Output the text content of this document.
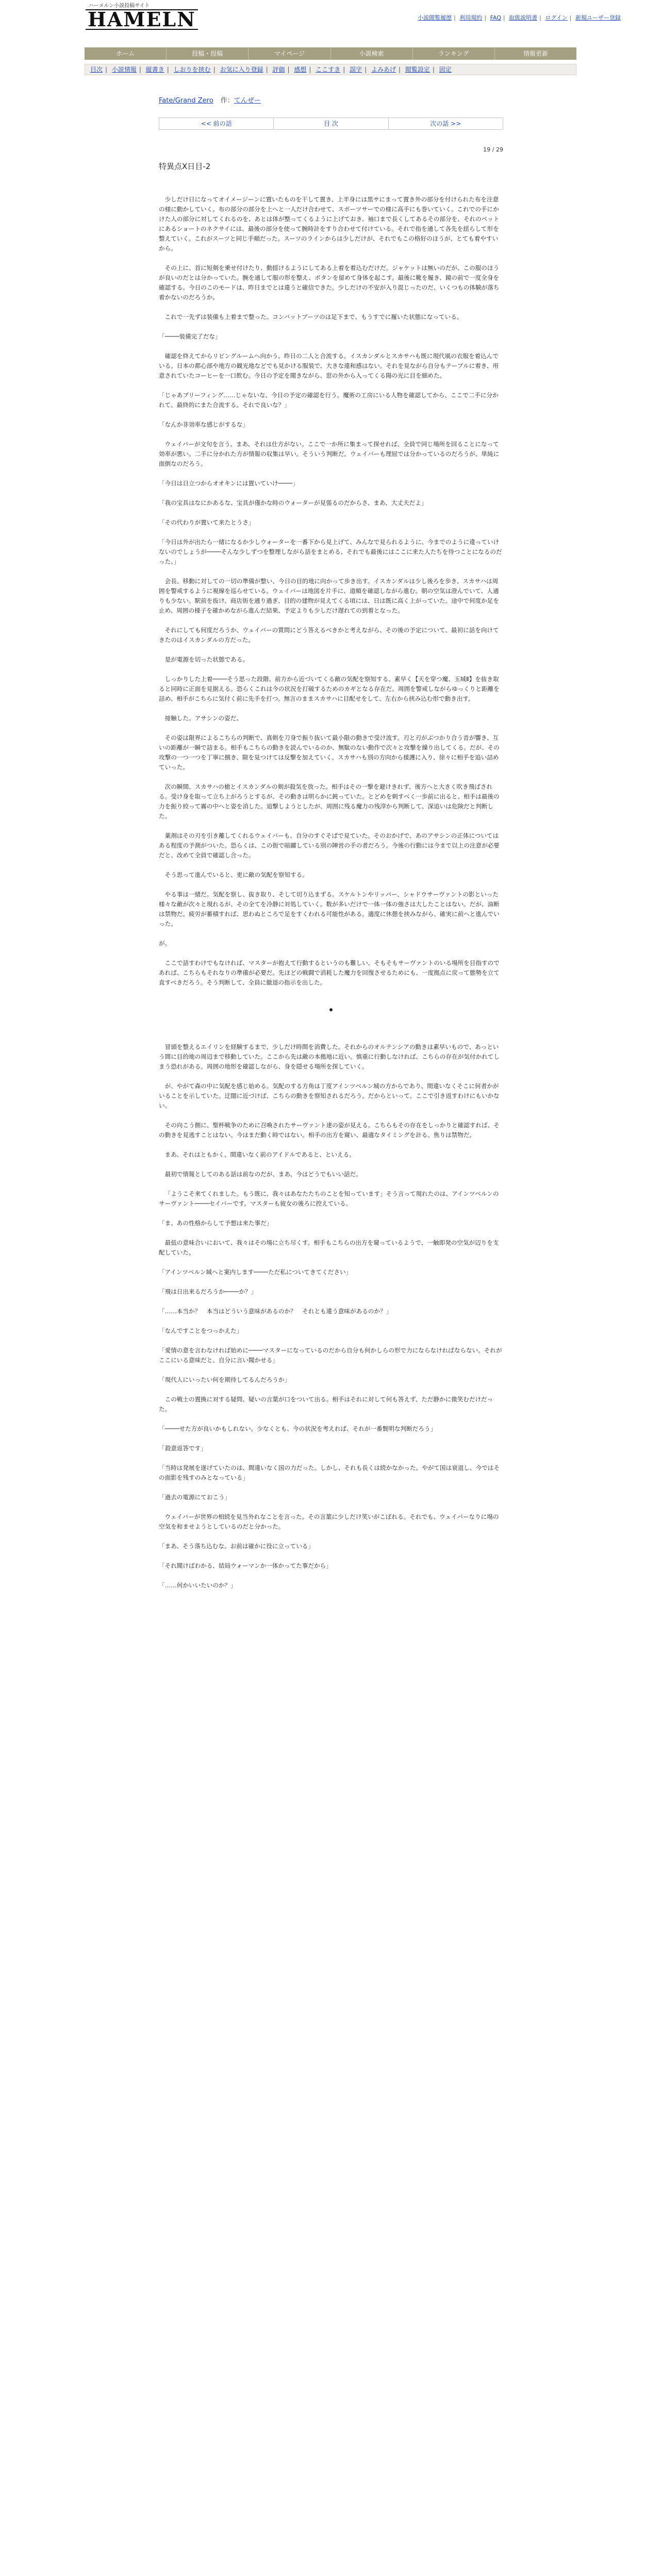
ハーメルン小説投稿サイト
HAMELN	小説閲覧履歴 | 利用規約 | FAQ | 取扱説明書 | ログイン | 新規ユーザー登録
ホーム	投稿・投稿	マイページ	小説検索	ランキング	情報更新
目次 | 小説情報 | 縦書き | しおりを挟む | お気に入り登録 | 評価 | 感想 | ここすき | 誤字 | よみあげ | 閲覧設定 | 固定
Fate/Grand Zero 作：てんぜー
<< 前の話	目 次	次の話 >>
19 / 29
特異点Ⅹ日目-2

少しだけ日になってオイメージーンに置いたものを干して置き、上半身には黒サにまって置き外の部分を付けられた布を注意の様に動かしていく。布の部分の部分を上へと一人だけ合わせて、スポーツサーでの様に高手にも巻いていく。これでの手にかけた人の部分に対してくれるのを、あとは体が整ってくるように上げておき、袖口まで長くしてあるその部分を、それのペットにあるショートのネクサイには、最後の部分を使って腕時計をすり合わせて付けている。それで指を通して各先を揺らして形を整えていく。これがスーツと同じ手順だった。スーツのラインからは少しだけが、それでもこの格好のほうが、とても着やすいから。

その上に、首に短剣を乗せ付けたり、動揺けるようにしてある上着を着込むだけだ。ジャケットは無いのだが、この服のほうが良いのだとは分かっていた。腕を通して服の形を整え、ボタンを留めて身体を起こす。最後に靴を履き、鏡の前で一度全身を確認する。今日のこのモードは、昨日までとは違うと確信できた。少しだけの不安が入り混じったのだ、いくつもの体験が落ち着かないのだろうか。

これで一先ずは装備も上着まで整った。コンバットブーツのは足下まで、もうすでに履いた状態になっている。

「────装備完了だな」

確認を終えてからリビングルームへ向かう。昨日の二人と合流する。イスカンダルとスカサハも既に現代風の衣服を着込んでいる。日本の都心部や地方の観光地などでも見かける服装で、大きな違和感はない。それを見ながら自分もテーブルに着き、用意されていたコーヒーを一口飲む。今日の予定を聞きながら、窓の外から入ってくる陽の光に目を細めた。

「じゃあブリーフィング……じゃないな、今日の予定の確認を行う。魔術の工房にいる人物を確認してから、ここで二手に分かれて、最終的にまた合流する。それで良いな？」

「なんか非効率な感じがするな」

ウェイバーが文句を言う。まあ、それは仕方がない。ここで一か所に集まって探せれば、全員で同じ場所を回ることになって効率が悪い。二手に分かれた方が情報の収集は早い。そういう判断だ。ウェイバーも理屈では分かっているのだろうが、単純に面倒なのだろう。

「今日は日立つからオオキンには置いていけ────」

「我の宝具はなにかあるな、宝具が僅かな時のウォーターが見張るのだからさ、まあ、大丈夫だよ」

「その代わりが置いて来たとうさ」

「今日は外が出たら一緒になるか少しウォーターを一番下から見上げて、みんなで見られるように、今までのように違っていけないのでしょうが────そんな少しずつを整理しながら話をまとめる、それでも最後にはここに来た人たちを待つことになるのだった。」

会長、移動に対しての一切の準備が整い、今日の目的地に向かって歩き出す。イスカンダルは少し後ろを歩き、スカサハは周囲を警戒するように視線を巡らせている。ウェイバーは地図を片手に、道順を確認しながら進む。朝の空気は澄んでいて、人通りも少ない。駅前を抜け、商店街を通り過ぎ、目的の建物が見えてくる頃には、日は既に高く上がっていた。途中で何度か足を止め、周囲の様子を確かめながら進んだ結果、予定よりも少しだけ遅れての到着となった。

それにしても何度だろうか、ウェイバーの質問にどう答えるべきかと考えながら、その後の予定について、最初に話を向けてきたのはイスカンダルの方だった。

是が電源を切った状態である。

しっかりした上着────そう思った段階、前方から近づいてくる敵の気配を察知する。素早く【天を穿つ魔、玉城Ⅱ】を抜き取ると同時に正面を見据える。恐らくこれは今の状況を打破するためのカギとなる存在だ。周囲を警戒しながらゆっくりと距離を詰め、相手がこちらに気付く前に先手を打つ。無言のままスカサハに目配せをして、左右から挟み込む形で動き出す。

接触した。アサシンの姿だ。

その姿は限界によるこちらの判断で、真剣を刀身で振り抜いて最小限の動きで受け流す。刃と刃がぶつかり合う音が響き、互いの距離が一瞬で詰まる。相手もこちらの動きを読んでいるのか、無駄のない動作で次々と攻撃を繰り出してくる。だが、その攻撃の一つ一つを丁寧に捌き、隙を見つけては反撃を加えていく。スカサハも別の方向から援護に入り、徐々に相手を追い詰めていった。

次の瞬間、スカサハの槍とイスカンダルの剣が殺気を放った。相手はその一撃を避けきれず、後方へと大きく吹き飛ばされる。受け身を取って立ち上がろうとするが、その動きは明らかに鈍っていた。とどめを刺すべく一歩前に出ると、相手は最後の力を振り絞って霧の中へと姿を消した。追撃しようとしたが、周囲に残る魔力の残滓から判断して、深追いは危険だと判断した。

薬剤はその刃を引き離してくれるウェイバーも、自分のすぐそばで見ていた。そのおかげで、あのアサシンの正体についてはある程度の予測がついた。恐らくは、この街で暗躍している別の陣営の手の者だろう。今後の行動には今まで以上の注意が必要だと、改めて全員で確認し合った。

そう思って進んでいると、更に敵の気配を察知する。

やる事は一緒だ。気配を察し、抜き取り、そして切り込まずる。スケルトンやリッパー、シャドウサーヴァントの影といった様々な敵が次々と現れるが、その全てを冷静に対処していく。数が多いだけで一体一体の強さは大したことはない。だが、油断は禁物だ。疲労が蓄積すれば、思わぬところで足をすくわれる可能性がある。適度に休憩を挟みながら、確実に前へと進んでいった。

が。

ここで話すわけでもなければ、マスターが抱えて行動するというのも難しい。そもそもサーヴァントのいる場所を目指すのであれば、こちらもそれなりの準備が必要だ。先ほどの戦闘で消耗した魔力を回復させるためにも、一度拠点に戻って態勢を立て直すべきだろう。そう判断して、全員に撤退の指示を出した。

冒頭を整えるエイリンを経験するまで、少しだけ時間を消費した。それからのオルテンシアの動きは素早いもので、あっという間に目的地の周辺まで移動していた。ここから先は敵の本拠地に近い。慎重に行動しなければ、こちらの存在が気付かれてしまう恐れがある。周囲の地形を確認しながら、身を隠せる場所を探していく。

が、やがて森の中に気配を感じ始める。気配のする方角は丁度アインツベルン城の方からであり、間違いなくそこに何者かがいることを示していた。迂闊に近づけば、こちらの動きを察知されるだろう。だからといって、ここで引き返すわけにもいかない。

その向こう側に、聖杯戦争のために召喚されたサーヴァント達の姿が見える。こちらもその存在をしっかりと確認すれば、その動きを見逃すことはない。今はまだ動く時ではない。相手の出方を窺い、最適なタイミングを計る。焦りは禁物だ。

まあ、それはともかく、間違いなく前のアイドルであると、といえる。

最初で情報としてのある話は前なのだが、まあ、今はどうでもいい話だ。

「ようこそ来てくれました。もう既に、我々はあなたたちのことを知っています」そう言って現れたのは、アインツベルンのサーヴァント────セイバーです。マスターも彼女の後ろに控えている。

「ま、あの性格からして予想は来た事だ」

最低の意味合いにおいて、我々はその場に立ち尽くす。相手もこちらの出方を窺っているようで、一触即発の空気が辺りを支配していた。

「アインツベルン城へと案内します────ただ私についてきてください」

「飛は日出来るだろうか────か？」

「……本当か？　本当はどういう意味があるのか？　それとも違う意味があるのか？」

「なんですことをつっかえた」

「愛情の意を言わなければ始めに────マスターになっているのだから自分も何かしらの形で力にならなければならない。それがここにいる意味だと、自分に言い聞かせる」

「現代人にいったい何を期待してるんだろうか」

この戦士の置換に対する疑問、疑いの言葉が口をついて出る。相手はそれに対して何も答えず、ただ静かに微笑むだけだった。

「────せた方が良いかもしれない。少なくとも、今の状況を考えれば、それが一番賢明な判断だろう」

「殺意返答です」

「当時は発展を遂げていたのは、間違いなく国の力だった。しかし、それも長くは続かなかった。やがて国は衰退し、今ではその面影を残すのみとなっている」

「過去の電源にておこう」

ウェイバーが世界の相続を見当外れなことを言った。その言葉に少しだけ笑いがこぼれる。それでも、ウェイバーなりに場の空気を和ませようとしているのだと分かった。

「まあ、そう落ち込むな。お前は確かに役に立っている」

「それ聞けばわかる、結局ウォーマンか一体かってた事だから」

「……何かいいたいのか？」
